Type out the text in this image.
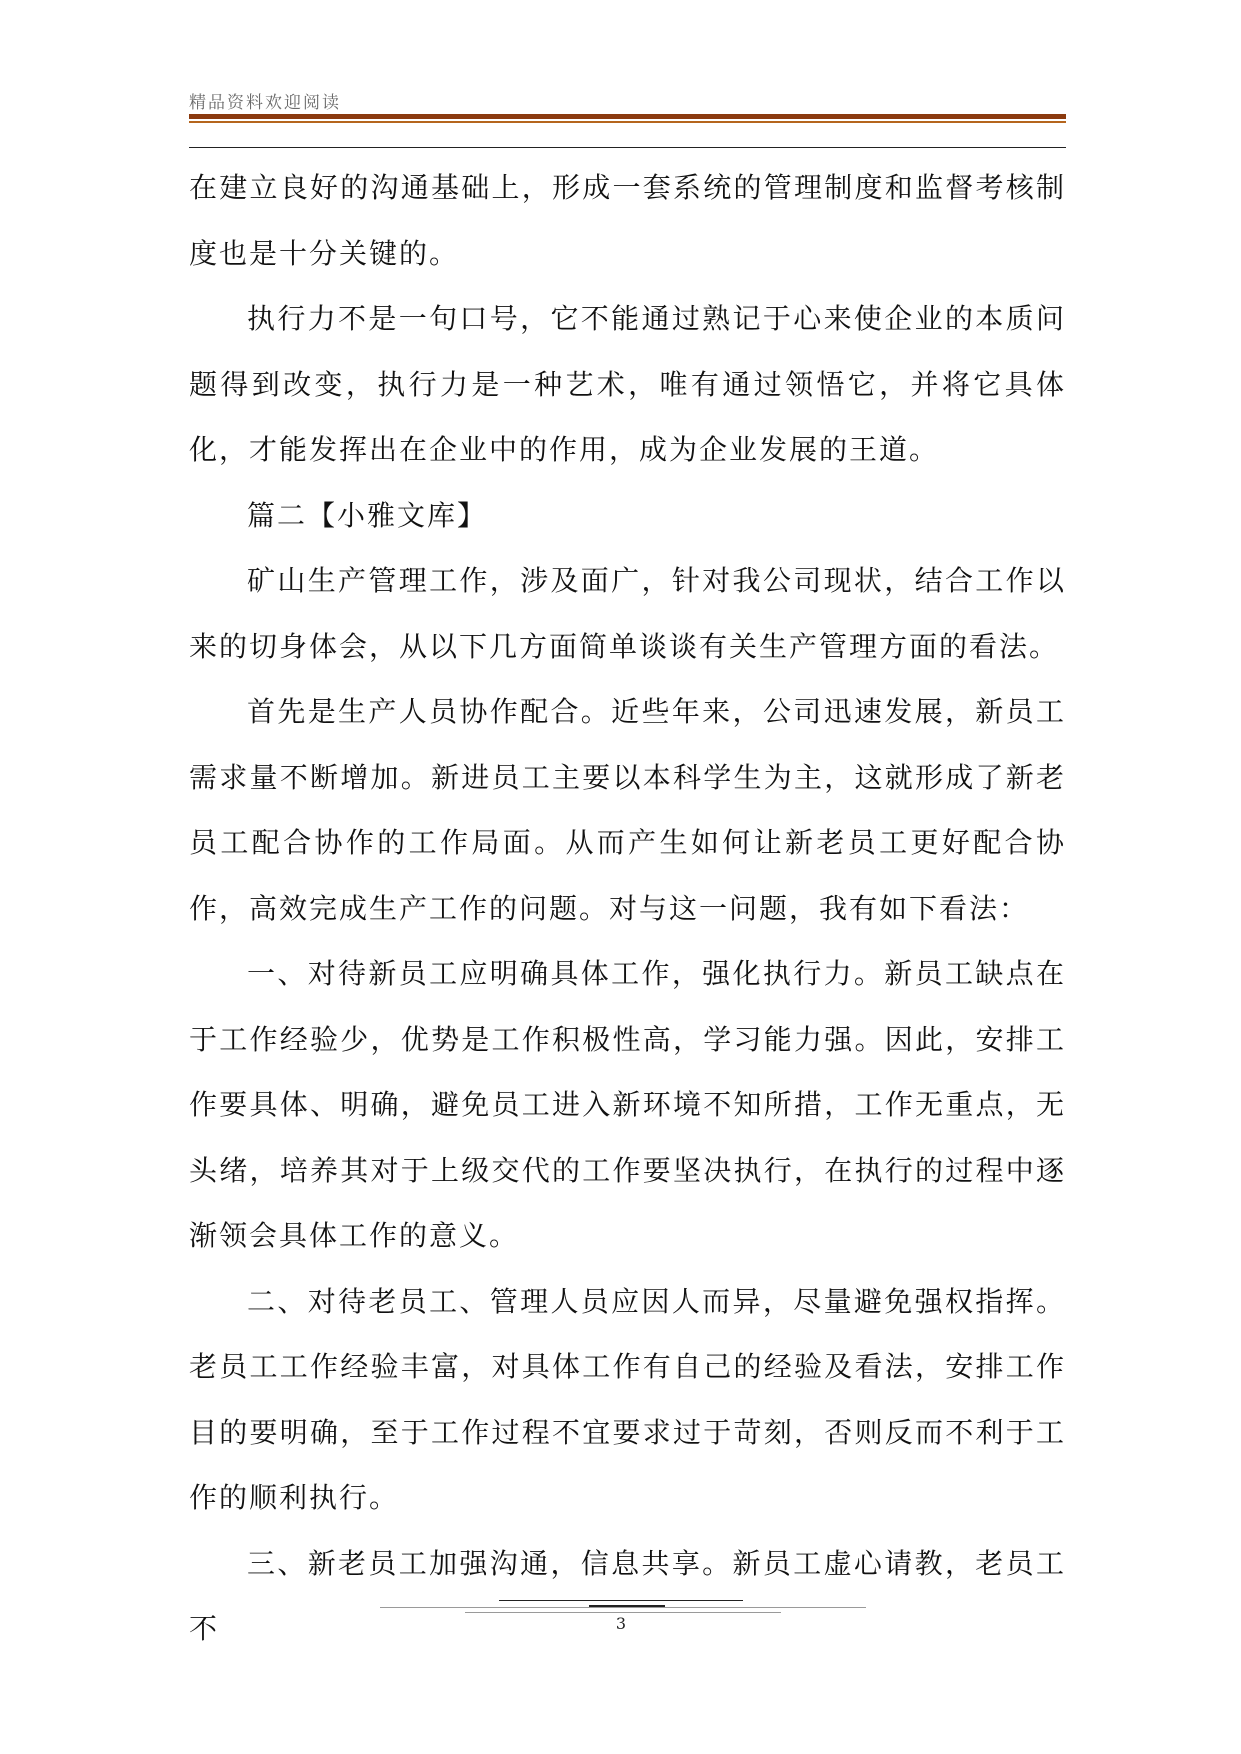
精品资料欢迎阅读

在建立良好的沟通基础上，形成一套系统的管理制度和监督考核制度也是十分关键的。

执行力不是一句口号，它不能通过熟记于心来使企业的本质问题得到改变，执行力是一种艺术，唯有通过领悟它，并将它具体化，才能发挥出在企业中的作用，成为企业发展的王道。

篇二【小雅文库】

矿山生产管理工作，涉及面广，针对我公司现状，结合工作以来的切身体会，从以下几方面简单谈谈有关生产管理方面的看法。

首先是生产人员协作配合。近些年来，公司迅速发展，新员工需求量不断增加。新进员工主要以本科学生为主，这就形成了新老员工配合协作的工作局面。从而产生如何让新老员工更好配合协作，高效完成生产工作的问题。对与这一问题，我有如下看法：

一、对待新员工应明确具体工作，强化执行力。新员工缺点在于工作经验少，优势是工作积极性高，学习能力强。因此，安排工作要具体、明确，避免员工进入新环境不知所措，工作无重点，无头绪，培养其对于上级交代的工作要坚决执行，在执行的过程中逐渐领会具体工作的意义。

二、对待老员工、管理人员应因人而异，尽量避免强权指挥。老员工工作经验丰富，对具体工作有自己的经验及看法，安排工作目的要明确，至于工作过程不宜要求过于苛刻，否则反而不利于工作的顺利执行。

三、新老员工加强沟通，信息共享。新员工虚心请教，老员工不	3
